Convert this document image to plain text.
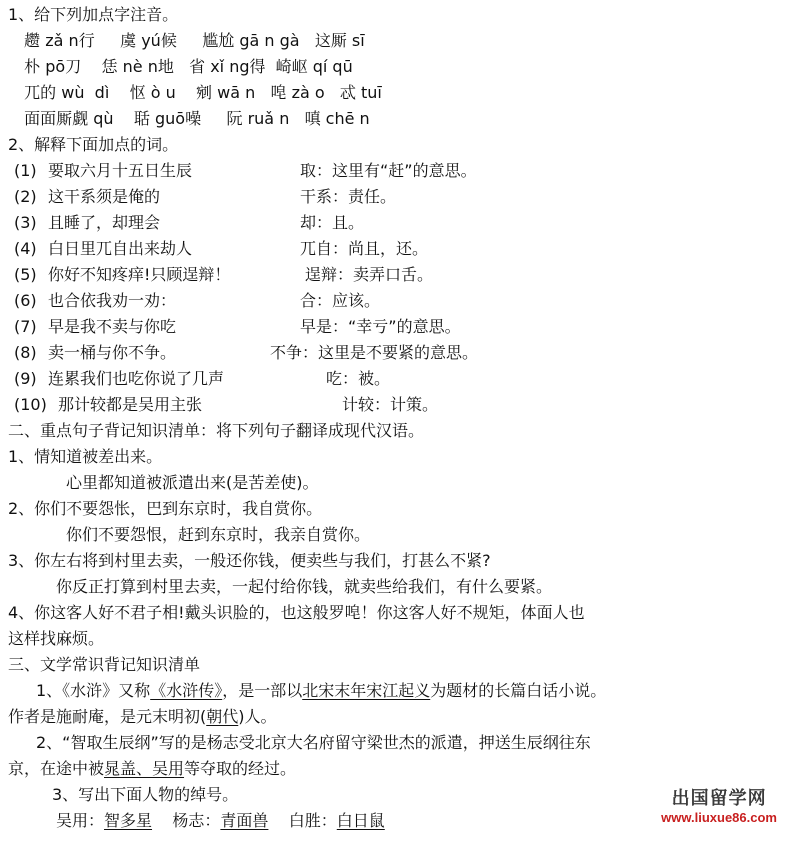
1、给下列加点字注音。
趱 zǎ n行     虞 yú候     尴尬 gā n gà   这厮 sī
朴 pō刀    恁 nè n地   省 xǐ ng得  崎岖 qí qū
兀的 wù  dì    怄 ò u    剜 wā n   唣 zà o   忒 tuī
面面厮觑 qù    聒 guō噪     阮 ruǎ n   嗔 chē n
2、解释下面加点的词。
(1) 要取六月十五日生辰	取：这里有“赶”的意思。
(2) 这干系须是俺的	干系：责任。
(3) 且睡了，却理会	却：且。
(4) 白日里兀自出来劫人	兀自：尚且，还。
(5) 你好不知疼痒!只顾逞辩！	逞辩：卖弄口舌。
(6) 也合依我劝一劝：	合：应该。
(7) 早是我不卖与你吃	早是：“幸亏”的意思。
(8) 卖一桶与你不争。	不争：这里是不要紧的意思。
(9) 连累我们也吃你说了几声	吃：被。
(10) 那计较都是吴用主张	计较：计策。
二、重点句子背记知识清单：将下列句子翻译成现代汉语。
1、情知道被差出来。
心里都知道被派遣出来(是苦差使)。
2、你们不要怨怅，巴到东京时，我自赏你。
你们不要怨恨，赶到东京时，我亲自赏你。
3、你左右将到村里去卖，一般还你钱，便卖些与我们，打甚么不紧?
你反正打算到村里去卖，一起付给你钱，就卖些给我们，有什么要紧。
4、你这客人好不君子相!戴头识脸的，也这般罗唣！你这客人好不规矩，体面人也
这样找麻烦。
三、文学常识背记知识清单
1、《水浒》又称《水浒传》，是一部以北宋末年宋江起义为题材的长篇白话小说。
作者是施耐庵，是元末明初(朝代)人。
2、“智取生辰纲”写的是杨志受北京大名府留守梁世杰的派遣，押送生辰纲往东
京，在途中被晁盖、吴用等夺取的经过。
3、写出下面人物的绰号。
吴用：智多星 杨志：青面兽 白胜：白日鼠
出国留学网
www.liuxue86.com
